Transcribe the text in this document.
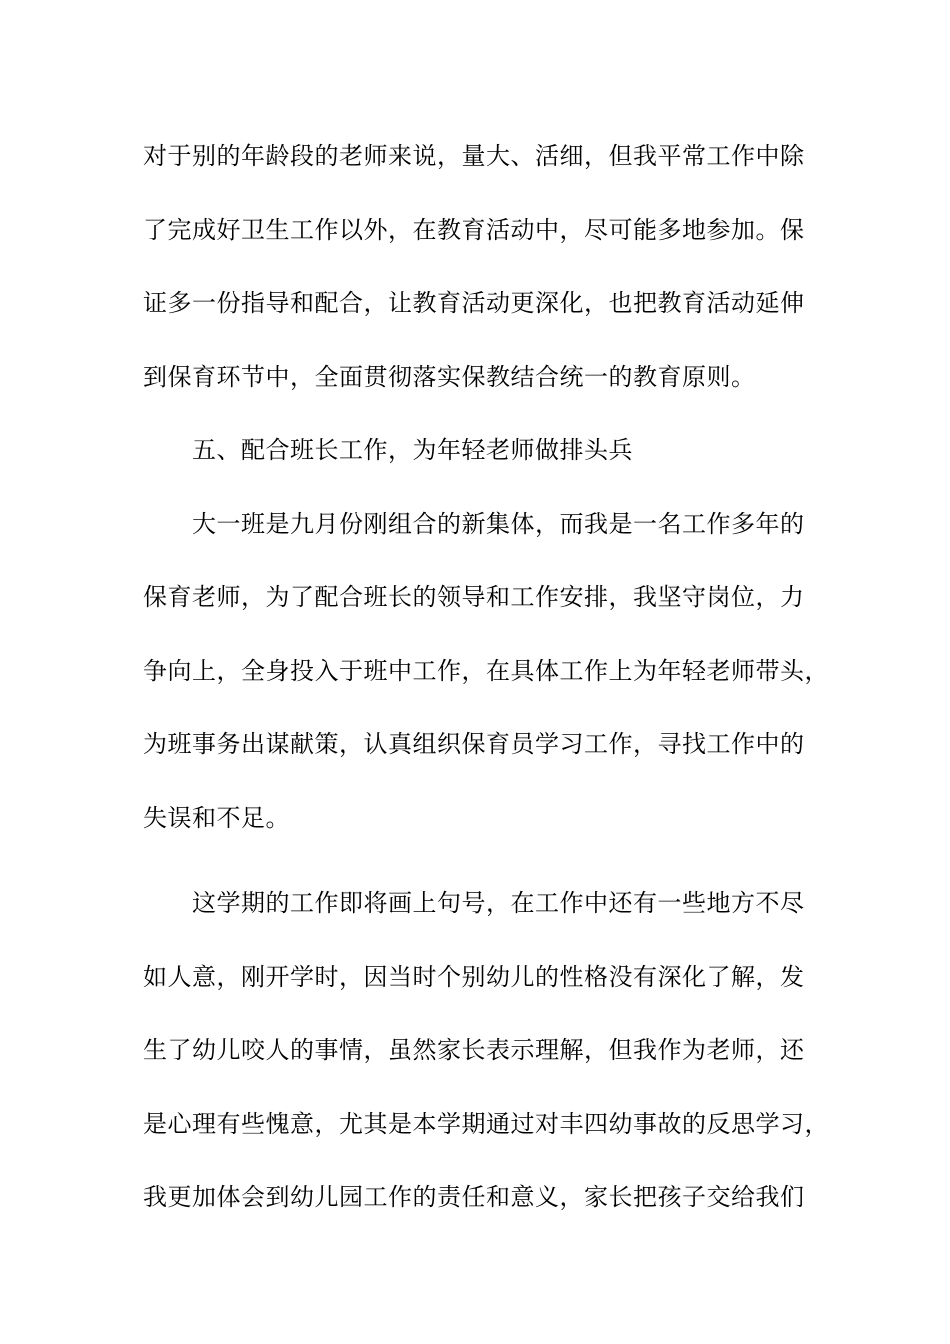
对于别的年龄段的老师来说，量大、活细，但我平常工作中除
了完成好卫生工作以外，在教育活动中，尽可能多地参加。保
证多一份指导和配合，让教育活动更深化，也把教育活动延伸
到保育环节中，全面贯彻落实保教结合统一的教育原则。
五、配合班长工作，为年轻老师做排头兵
大一班是九月份刚组合的新集体，而我是一名工作多年的
保育老师，为了配合班长的领导和工作安排，我坚守岗位，力
争向上，全身投入于班中工作，在具体工作上为年轻老师带头，
为班事务出谋献策，认真组织保育员学习工作，寻找工作中的
失误和不足。
这学期的工作即将画上句号，在工作中还有一些地方不尽
如人意，刚开学时，因当时个别幼儿的性格没有深化了解，发
生了幼儿咬人的事情，虽然家长表示理解，但我作为老师，还
是心理有些愧意，尤其是本学期通过对丰四幼事故的反思学习，
我更加体会到幼儿园工作的责任和意义，家长把孩子交给我们
